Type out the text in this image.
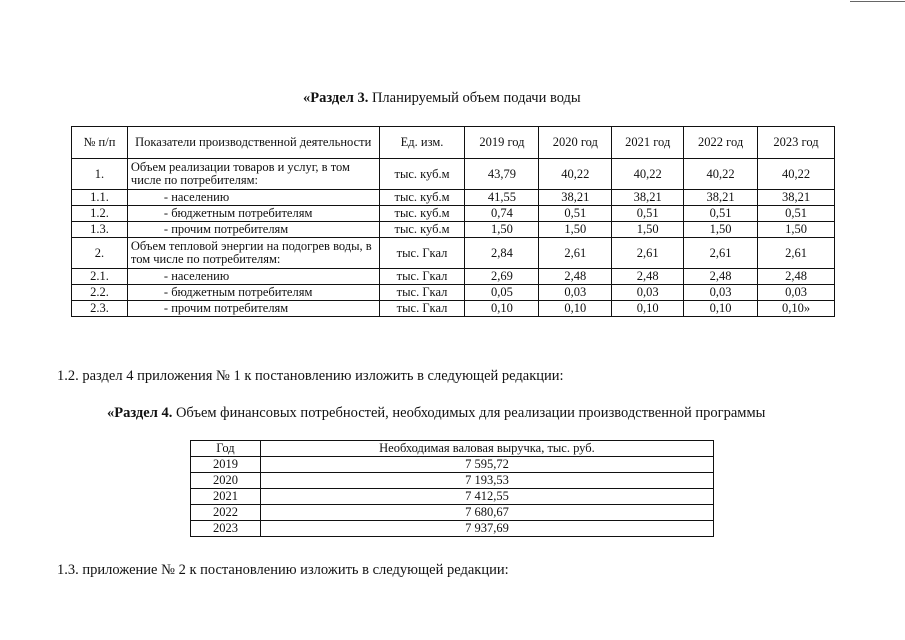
«Раздел 3. Планируемый объем подачи воды
№ п/п	Показатели производственной деятельности	Ед. изм.	2019 год	2020 год	2021 год	2022 год	2023 год
1.	Объем реализации товаров и услуг, в том числе по потребителям:	тыс. куб.м	43,79	40,22	40,22	40,22	40,22
1.1.	- населению	тыс. куб.м	41,55	38,21	38,21	38,21	38,21
1.2.	- бюджетным потребителям	тыс. куб.м	0,74	0,51	0,51	0,51	0,51
1.3.	- прочим потребителям	тыс. куб.м	1,50	1,50	1,50	1,50	1,50
2.	Объем тепловой энергии на подогрев воды, в том числе по потребителям:	тыс. Гкал	2,84	2,61	2,61	2,61	2,61
2.1.	- населению	тыс. Гкал	2,69	2,48	2,48	2,48	2,48
2.2.	- бюджетным потребителям	тыс. Гкал	0,05	0,03	0,03	0,03	0,03
2.3.	- прочим потребителям	тыс. Гкал	0,10	0,10	0,10	0,10	0,10»
1.2. раздел 4 приложения № 1 к постановлению изложить в следующей редакции:
«Раздел 4. Объем финансовых потребностей, необходимых для реализации производственной программы
Год	Необходимая валовая выручка, тыс. руб.
2019	7 595,72
2020	7 193,53
2021	7 412,55
2022	7 680,67
2023	7 937,69
1.3. приложение № 2 к постановлению изложить в следующей редакции:
